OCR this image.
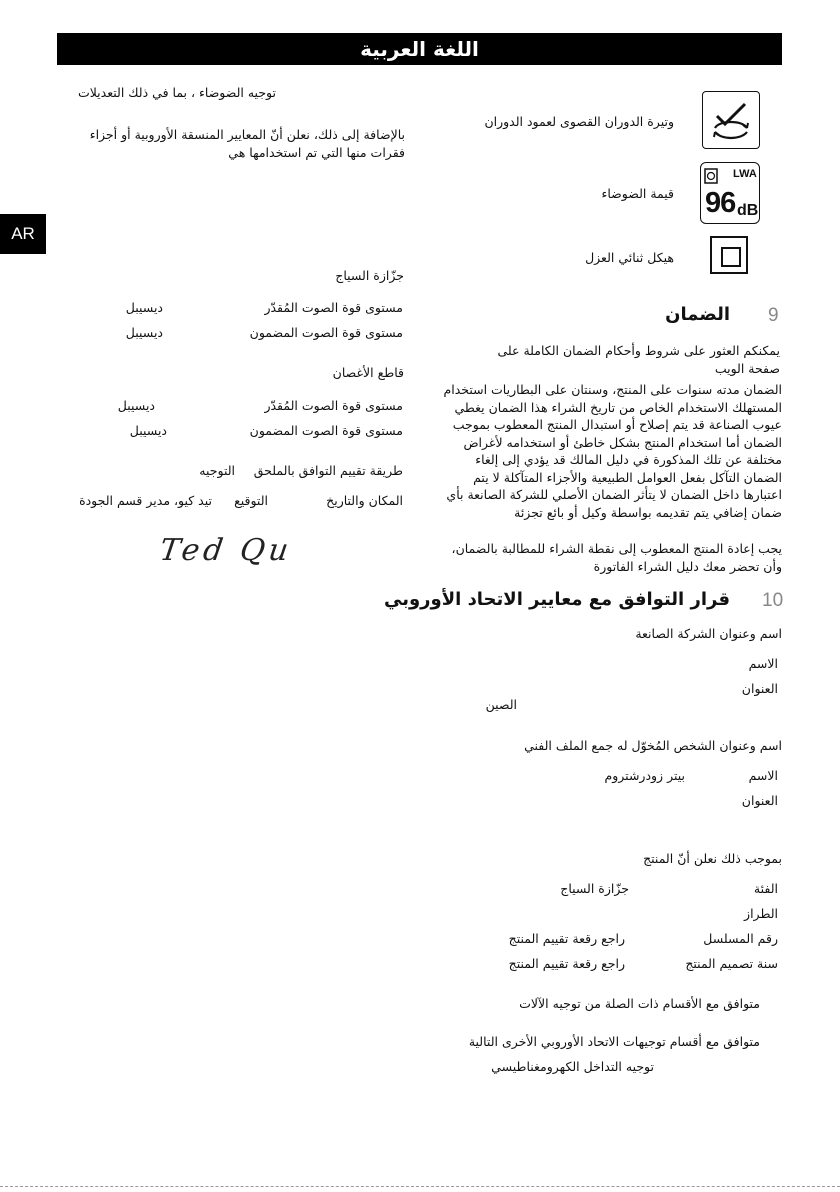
اللغة العربية
AR
وتيرة الدوران القصوى لعمود الدوران
LWA
96 dB
قيمة الضوضاء
هيكل ثنائي العزل
9
الضمان
يمكنكم العثور على شروط وأحكام الضمان الكاملة على صفحة الويب
الضمان مدته سنوات على المنتج، وسنتان على البطاريات استخدام المستهلك الاستخدام الخاص من تاريخ الشراء هذا الضمان يغطي عيوب الصناعة قد يتم إصلاح أو استبدال المنتج المعطوب بموجب الضمان أما استخدام المنتج بشكل خاطئ أو استخدامه لأغراض مختلفة عن تلك المذكورة في دليل المالك قد يؤدي إلى إلغاء الضمان التآكل بفعل العوامل الطبيعية والأجزاء المتآكلة لا يتم اعتبارها داخل الضمان لا يتأثر الضمان الأصلي للشركة الصانعة بأي ضمان إضافي يتم تقديمه بواسطة وكيل أو بائع تجزئة
يجب إعادة المنتج المعطوب إلى نقطة الشراء للمطالبة بالضمان، وأن تحضر معك دليل الشراء الفاتورة
10
قرار التوافق مع معايير الاتحاد الأوروبي
اسم وعنوان الشركة الصانعة
الاسم
العنوان
الصين
اسم وعنوان الشخص المُخوّل له جمع الملف الفني
الاسم
بيتر زودرشتروم
العنوان
بموجب ذلك نعلن أنّ المنتج
الفئة
جزّازة السياج
الطراز
رقم المسلسل
راجع رقعة تقييم المنتج
سنة تصميم المنتج
راجع رقعة تقييم المنتج
متوافق مع الأقسام ذات الصلة من توجيه الآلات
متوافق مع أقسام توجيهات الاتحاد الأوروبي الأخرى التالية
توجيه التداخل الكهرومغناطيسي
توجيه الضوضاء ، بما في ذلك التعديلات
بالإضافة إلى ذلك، نعلن أنّ المعايير المنسقة الأوروبية أو أجزاء فقرات منها التي تم استخدامها هي
جزّازة السياج
مستوى قوة الصوت المُقدّر
ديسيبل
مستوى قوة الصوت المضمون
ديسيبل
قاطع الأغصان
مستوى قوة الصوت المُقدّر
ديسيبل
مستوى قوة الصوت المضمون
ديسيبل
طريقة تقييم التوافق بالملحق
التوجيه
المكان والتاريخ
التوقيع
تيد كيو، مدير قسم الجودة
Ted Qu
